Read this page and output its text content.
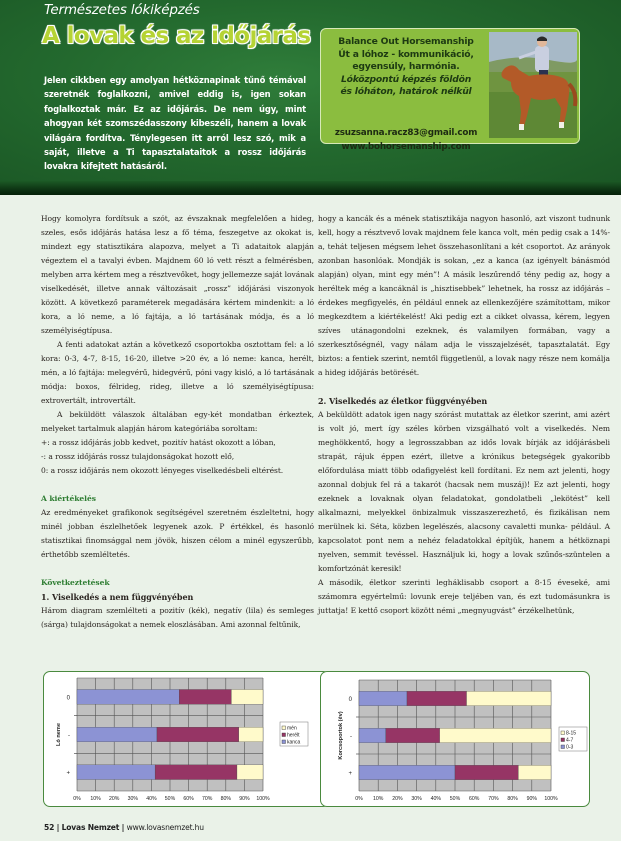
Természetes lókiképzés
A lovak és az időjárás
Jelen cikkben egy amolyan hétköznapinak tűnő témával szeretnék foglalkozni, amivel eddig is, igen sokan foglalkoztak már. Ez az időjárás. De nem úgy, mint ahogyan két szomszédasszony kibeszéli, hanem a lovak világára fordítva. Ténylegesen itt arról lesz szó, mik a saját, illetve a Ti tapasztalataitok a rossz időjárás lovakra kifejtett hatásáról.
Balance Out Horsemanship
Út a lóhoz - kommunikáció,
egyensúly, harmónia.
Lóközpontú képzés földön
és lóháton, határok nélkül
zsuzsanna.racz83@gmail.com
www.bohorsemanship.com

Hogy komolyra fordítsuk a szót, az évszaknak megfelelően a hideg, szeles, esős időjárás hatása lesz a fő téma, feszegetve az okokat is, mindezt egy statisztikára alapozva, melyet a Ti adataitok alapján végeztem el a tavalyi évben. Majdnem 60 ló vett részt a felmérésben, melyben arra kértem meg a résztvevőket, hogy jellemezze saját lovának viselkedését, illetve annak változásait „rossz” időjárási viszonyok között. A következő paraméterek megadására kértem mindenkit: a ló kora, a ló neme, a ló fajtája, a ló tartásának módja, és a ló személyiségtípusa.

A fenti adatokat aztán a következő csoportokba osztottam fel: a ló kora: 0-3, 4-7, 8-15, 16-20, illetve >20 év, a ló neme: kanca, herélt, mén, a ló fajtája: melegvérű, hidegvérű, póni vagy kisló, a ló tartásának módja: boxos, félrideg, rideg, illetve a ló személyiségtípusa: extrovertált, introvertált.

A beküldött válaszok általában egy-két mondatban érkeztek, melyeket tartalmuk alapján három kategóriába soroltam:

+: a rossz időjárás jobb kedvet, pozitív hatást okozott a lóban,

-: a rossz időjárás rossz tulajdonságokat hozott elő,

0: a rossz időjárás nem okozott lényeges viselkedésbeli eltérést.

A kiértékelés

Az eredményeket grafikonok segítségével szeretném észleltetni, hogy minél jobban észlelhetőek legyenek azok. P értékkel, és hasonló statisztikai finomsággal nem jövök, hiszen célom a minél egyszerűbb, érthetőbb szemléltetés.

Következtetések

1. Viselkedés a nem függvényében

Három diagram szemlélteti a pozitív (kék), negatív (lila) és semleges (sárga) tulajdonságokat a nemek eloszlásában. Ami azonnal feltűnik,

hogy a kancák és a mének statisztikája nagyon hasonló, azt viszont tudnunk kell, hogy a résztvevő lovak majdnem fele kanca volt, mén pedig csak a 14%-a, tehát teljesen mégsem lehet összehasonlítani a két csoportot. Az arányok azonban hasonlóak. Mondják is sokan, „ez a kanca (az igényelt bánásmód alapján) olyan, mint egy mén”! A másik leszűrendő tény pedig az, hogy a heréltek még a kancáknál is „hisztisebbek” lehetnek, ha rossz az időjárás – érdekes megfigyelés, én például ennek az ellenkezőjére számítottam, mikor megkezdtem a kiértékelést! Aki pedig ezt a cikket olvassa, kérem, legyen szíves utánagondolni ezeknek, és valamilyen formában, vagy a szerkesztőségnél, vagy nálam adja le visszajelzését, tapasztalatát. Egy biztos: a fentiek szerint, nemtől függetlenül, a lovak nagy része nem komálja a hideg időjárás betörését.

2. Viselkedés az életkor függvényében

A beküldött adatok igen nagy szórást mutattak az életkor szerint, ami azért is volt jó, mert így széles körben vizsgálható volt a viselkedés. Nem meghökkentő, hogy a legrosszabban az idős lovak bírják az időjárásbeli strapát, rájuk éppen ezért, illetve a krónikus betegségek gyakoribb előfordulása miatt több odafigyelést kell fordítani. Ez nem azt jelenti, hogy azonnal dobjuk fel rá a takarót (hacsak nem muszáj)! Ez azt jelenti, hogy ezeknek a lovaknak olyan feladatokat, gondolatbeli „lekötést” kell alkalmazni, melyekkel önbizalmuk visszaszerezhető, és fizikálisan nem merülnek ki. Séta, közben legelészés, alacsony cavaletti munka- például. A kapcsolatot pont nem a nehéz feladatokkal építjük, hanem a hétköznapi nyelven, semmit tevéssel. Használjuk ki, hogy a lovak szűnős-szüntelen a komfortzónát keresik!

A második, életkor szerinti legháklisabb csoport a 8-15 éveseké, ami számomra egyértelmű: lovunk ereje teljében van, és ezt tudomásunkra is juttatja! E kettő csoport között némi „megnyugvást” érzékelhetünk,

0
-
+
0% 10% 20% 30% 40% 50% 60% 70% 80% 90% 100%
Ló neme	mén
herélt
kanca
0
-
+
0% 10% 20% 30% 40% 50% 60% 70% 80% 90% 100%
Korcsoportok (év)	8-15
4-7
0-3
52 | Lovas Nemzet | www.lovasnemzet.hu
